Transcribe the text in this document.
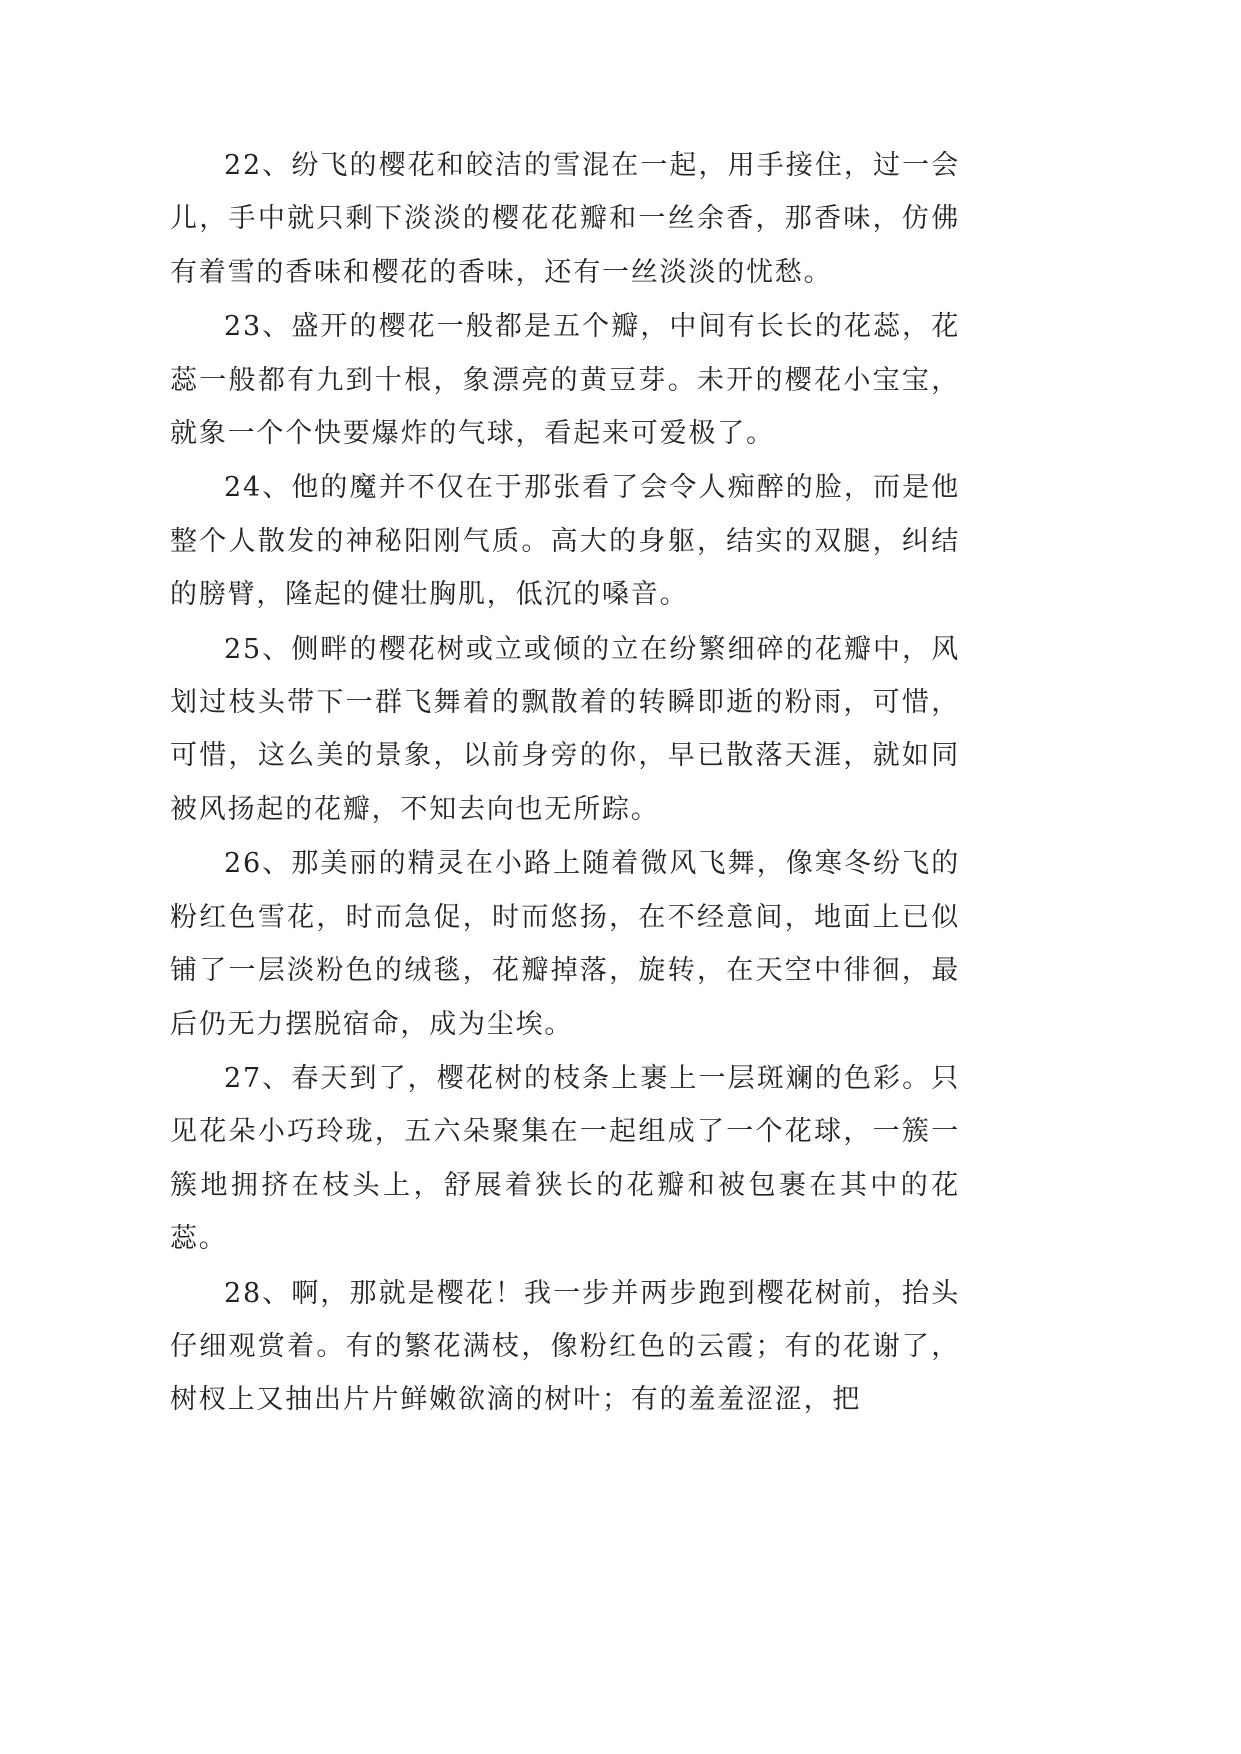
22、纷飞的樱花和皎洁的雪混在一起，用手接住，过一会儿，手中就只剩下淡淡的樱花花瓣和一丝余香，那香味，仿佛有着雪的香味和樱花的香味，还有一丝淡淡的忧愁。

23、盛开的樱花一般都是五个瓣，中间有长长的花蕊，花蕊一般都有九到十根，象漂亮的黄豆芽。未开的樱花小宝宝，就象一个个快要爆炸的气球，看起来可爱极了。

24、他的魔并不仅在于那张看了会令人痴醉的脸，而是他整个人散发的神秘阳刚气质。高大的身躯，结实的双腿，纠结的膀臂，隆起的健壮胸肌，低沉的嗓音。

25、侧畔的樱花树或立或倾的立在纷繁细碎的花瓣中，风划过枝头带下一群飞舞着的飘散着的转瞬即逝的粉雨，可惜，可惜，这么美的景象，以前身旁的你，早已散落天涯，就如同被风扬起的花瓣，不知去向也无所踪。

26、那美丽的精灵在小路上随着微风飞舞，像寒冬纷飞的粉红色雪花，时而急促，时而悠扬，在不经意间，地面上已似铺了一层淡粉色的绒毯，花瓣掉落，旋转，在天空中徘徊，最后仍无力摆脱宿命，成为尘埃。

27、春天到了，樱花树的枝条上裹上一层斑斓的色彩。只见花朵小巧玲珑，五六朵聚集在一起组成了一个花球，一簇一簇地拥挤在枝头上，舒展着狭长的花瓣和被包裹在其中的花蕊。

28、啊，那就是樱花！我一步并两步跑到樱花树前，抬头仔细观赏着。有的繁花满枝，像粉红色的云霞；有的花谢了，树杈上又抽出片片鲜嫩欲滴的树叶；有的羞羞涩涩，把
